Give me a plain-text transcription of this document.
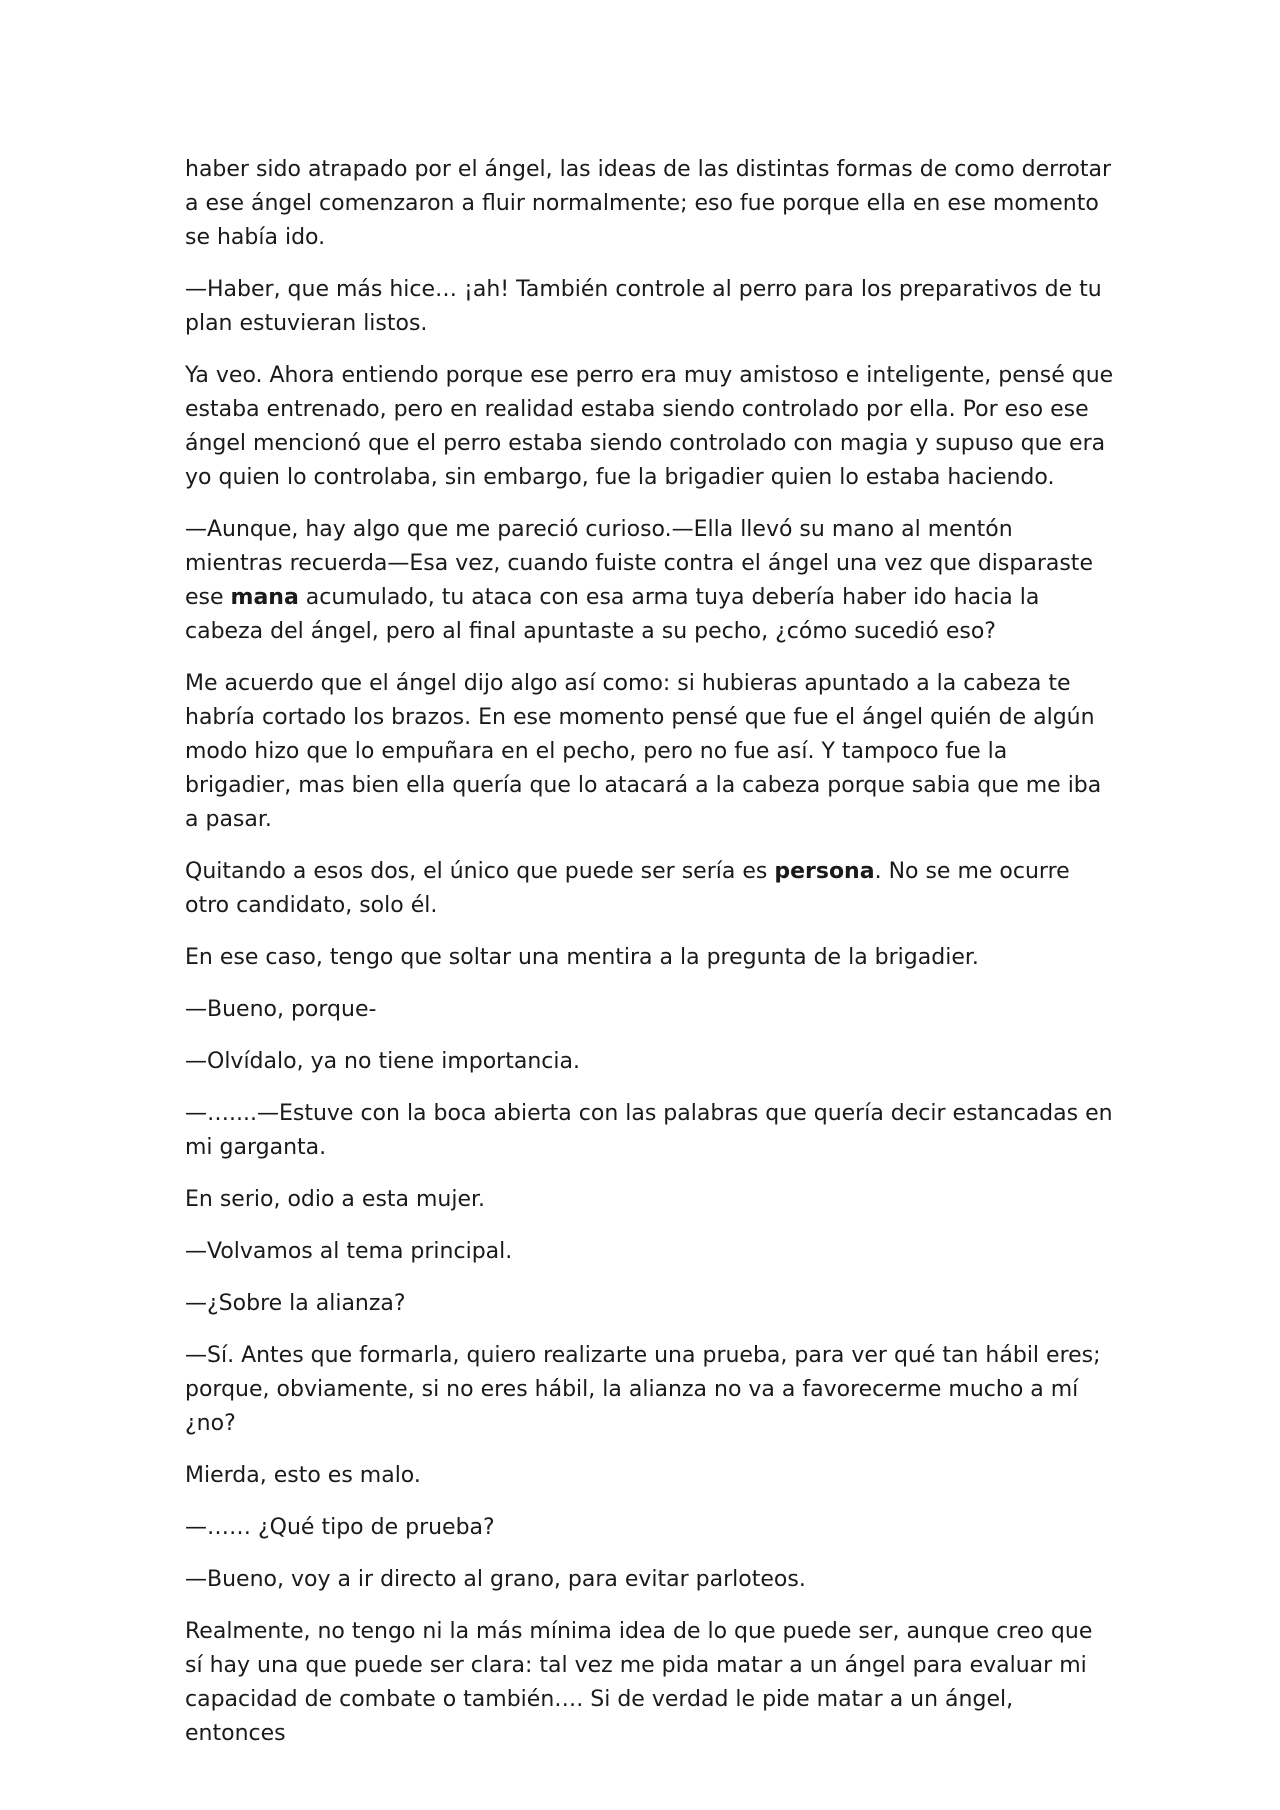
haber sido atrapado por el ángel, las ideas de las distintas formas de como derrotar a ese ángel comenzaron a fluir normalmente; eso fue porque ella en ese momento se había ido.

—Haber, que más hice… ¡ah! También controle al perro para los preparativos de tu plan estuvieran listos.

Ya veo. Ahora entiendo porque ese perro era muy amistoso e inteligente, pensé que estaba entrenado, pero en realidad estaba siendo controlado por ella. Por eso ese ángel mencionó que el perro estaba siendo controlado con magia y supuso que era yo quien lo controlaba, sin embargo, fue la brigadier quien lo estaba haciendo.

—Aunque, hay algo que me pareció curioso.—Ella llevó su mano al mentón mientras recuerda—Esa vez, cuando fuiste contra el ángel una vez que disparaste ese mana acumulado, tu ataca con esa arma tuya debería haber ido hacia la cabeza del ángel, pero al final apuntaste a su pecho, ¿cómo sucedió eso?

Me acuerdo que el ángel dijo algo así como: si hubieras apuntado a la cabeza te habría cortado los brazos. En ese momento pensé que fue el ángel quién de algún modo hizo que lo empuñara en el pecho, pero no fue así. Y tampoco fue la brigadier, mas bien ella quería que lo atacará a la cabeza porque sabia que me iba a pasar.

Quitando a esos dos, el único que puede ser sería es persona. No se me ocurre otro candidato, solo él.

En ese caso, tengo que soltar una mentira a la pregunta de la brigadier.

—Bueno, porque-

—Olvídalo, ya no tiene importancia.

—…....—Estuve con la boca abierta con las palabras que quería decir estancadas en mi garganta.

En serio, odio a esta mujer.

—Volvamos al tema principal.

—¿Sobre la alianza?

—Sí. Antes que formarla, quiero realizarte una prueba, para ver qué tan hábil eres; porque, obviamente, si no eres hábil, la alianza no va a favorecerme mucho a mí ¿no?

Mierda, esto es malo.

—…… ¿Qué tipo de prueba?

—Bueno, voy a ir directo al grano, para evitar parloteos.

Realmente, no tengo ni la más mínima idea de lo que puede ser, aunque creo que sí hay una que puede ser clara: tal vez me pida matar a un ángel para evaluar mi capacidad de combate o también…. Si de verdad le pide matar a un ángel, entonces
